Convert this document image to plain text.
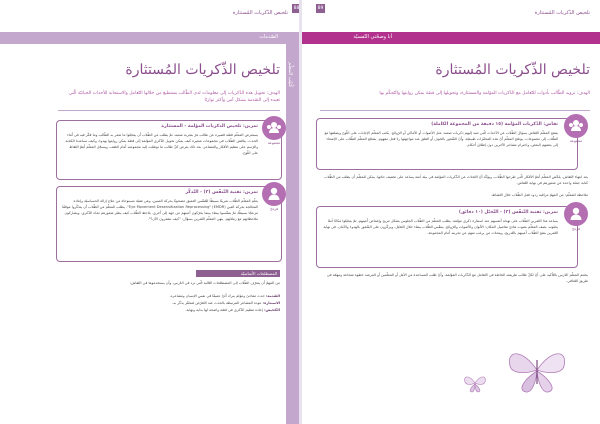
تلخيص الذّكريات المُستثارة
88
الصّدمات
كُتيّب المعلّم
تلخيص الذّكريات المُستثارة
الهدف: تحويل هذه الذّكريات إلى معلومات لدى الطّالب يستطيع من خلالها التّعامل والاستجابة للأحداث الحياتيّة الّتي تعيده إلى الصّدمة بشكل آمن وأكثر توازنًا
مجموعة
تمرين: تلخيص الذكريات المؤلمة - المستثارة
يستعرض المعلّم قصّة قصيرة عن طالب مرّ بتجربة صعبة، ثمّ يطلب من الطّلاب أن يتخيّلوا ما شعر به الطّالب وما فكّر فيه في أثناء الحدث. يناقش الطّلاب في مجموعات صغيرة كيف يمكن تحويل الذّكرى المؤلمة إلى قصّة يمكن روايتها بهدوء، وكيف تساعدنا الكتابة والرّسم على تنظيم الأفكار والمشاعر. بعد ذلك يعرض كلّ طالب ما توصّلت إليه مجموعته أمام الصّف، ويسجّل المعلّم أهمّ النّقاط على اللّوح.
فرديّ
تمرين: تقنية التّنفّس (٢) - التّذكّر
يعلّم المعلّم الطّلاب تمرينًا بسيطًا للتّنفّس العميق مصحوبًا بحركة العينين، وهي تقنيّة مستوحاة من علاج إزالة الحساسيّة وإعادة المعالجة بحركة العين (EMDR) "Eye Movement Desensitization Reprocessing". يطلب المعلّم من الطّلاب أن يتذكّروا موقفًا مزعجًا بسيطًا، ثمّ يتنفّسوا ببطء بينما يحرّكون أعينهم من جهة إلى أخرى. يلاحظ الطّلاب كيف يتغيّر شعورهم تجاه الذّكرى، ويشاركون ملاحظاتهم مع زملائهم. ينهي المعلّم التّمرين بسؤال: "كيف تشعرون الآن؟".
المصطلحات الأساسيّة
من المهمّ أن يتعرّف الطّلاب إلى المصطلحات التّالية الّتي ترد في الدّرس، وأن يستخدموها في النّقاش:
الصّدمة: حدث مفاجئ ومؤلم يترك أثرًا عميقًا في نفس الإنسان ومشاعره.
الاستثارة: عودة المشاعر المرتبطة بالحدث عند التّعرّض لمحفّز يذكّر به.
التّلخيص: إعادة تنظيم الذّكرى في قصّة واضحة لها بداية ونهاية.
تلخيص الذّكريات المُستثارة
89
أنا وصحّتي النّفسيّة
تلخيص الذّكريات المُستثارة
الهدف: تزويد الطّالب بأدوات للتّعامل مع الذّكريات المؤلمة والمستثارة، وتحويلها إلى قصّة يمكن روايتها والتّحكّم بها
مجموعة
نقاش: الذّكريات المؤلمة (١٥ دقيقة من المجموعة الكاملة)
يفتتح المعلّم النّقاش بسؤال الطّلاب عن الأحداث الّتي تعيد إليهم ذكريات صعبة، مثل الأصوات أو الأماكن أو الرّوائح. يكتب المعلّم الإجابات على اللّوح ويصنّفها مع الطّلاب إلى مجموعات. يوضّح المعلّم أنّ هذه المحفّزات طبيعيّة، وأنّ الشّعور بالخوف أو القلق عند مواجهتها ردّ فعل مفهوم. يشجّع المعلّم الطّلاب على الإصغاء إلى بعضهم البعض، واحترام مشاعر الآخرين دون إطلاق أحكام.
بعد انتهاء النّقاش، يلخّص المعلّم أهمّ الأفكار الّتي طرحها الطّلاب، ويؤكّد أنّ التّحدّث عن الذّكريات المؤلمة في بيئة آمنة يساعد على تخفيف حدّتها. يمكن للمعلّم أن يطلب من الطّلاب كتابة جملة واحدة عن شعورهم في نهاية النّقاش.
ملاحظة للمعلّم: من المهمّ مراقبة ردود فعل الطّلاب خلال النّشاط.
فرديّ
تمرين: تقنية التّنفّس (٢) - التّخيّل (١٠ دقائق)
يساعد هذا التّمرين الطّلاب على تهدئة أنفسهم عند استثارة ذكرى مؤلمة. يطلب المعلّم من الطّلاب الجلوس بشكل مريح وإغماض أعينهم، ثمّ يتخيّلوا مكانًا آمنًا يحبّونه. يصف المعلّم بصوت هادئ تفاصيل المكان: الألوان والأصوات والرّوائح. يتنفّس الطّلاب ببطء خلال التّخيّل، ويركّزون على الشّعور بالهدوء والأمان. في نهاية التّمرين يفتح الطّلاب أعينهم بالتّدريج، ويتحدّث من يرغب منهم عن تجربته أمام المجموعة.
يختتم المعلّم الدّرس بالتّأكيد على أنّ لكلّ طالب طريقته الخاصّة في التّعامل مع الذّكريات المؤلمة، وأنّ طلب المساعدة من الأهل أو المعلّمين أو المرشد خطوة شجاعة ومهمّة في طريق التّعافي.
